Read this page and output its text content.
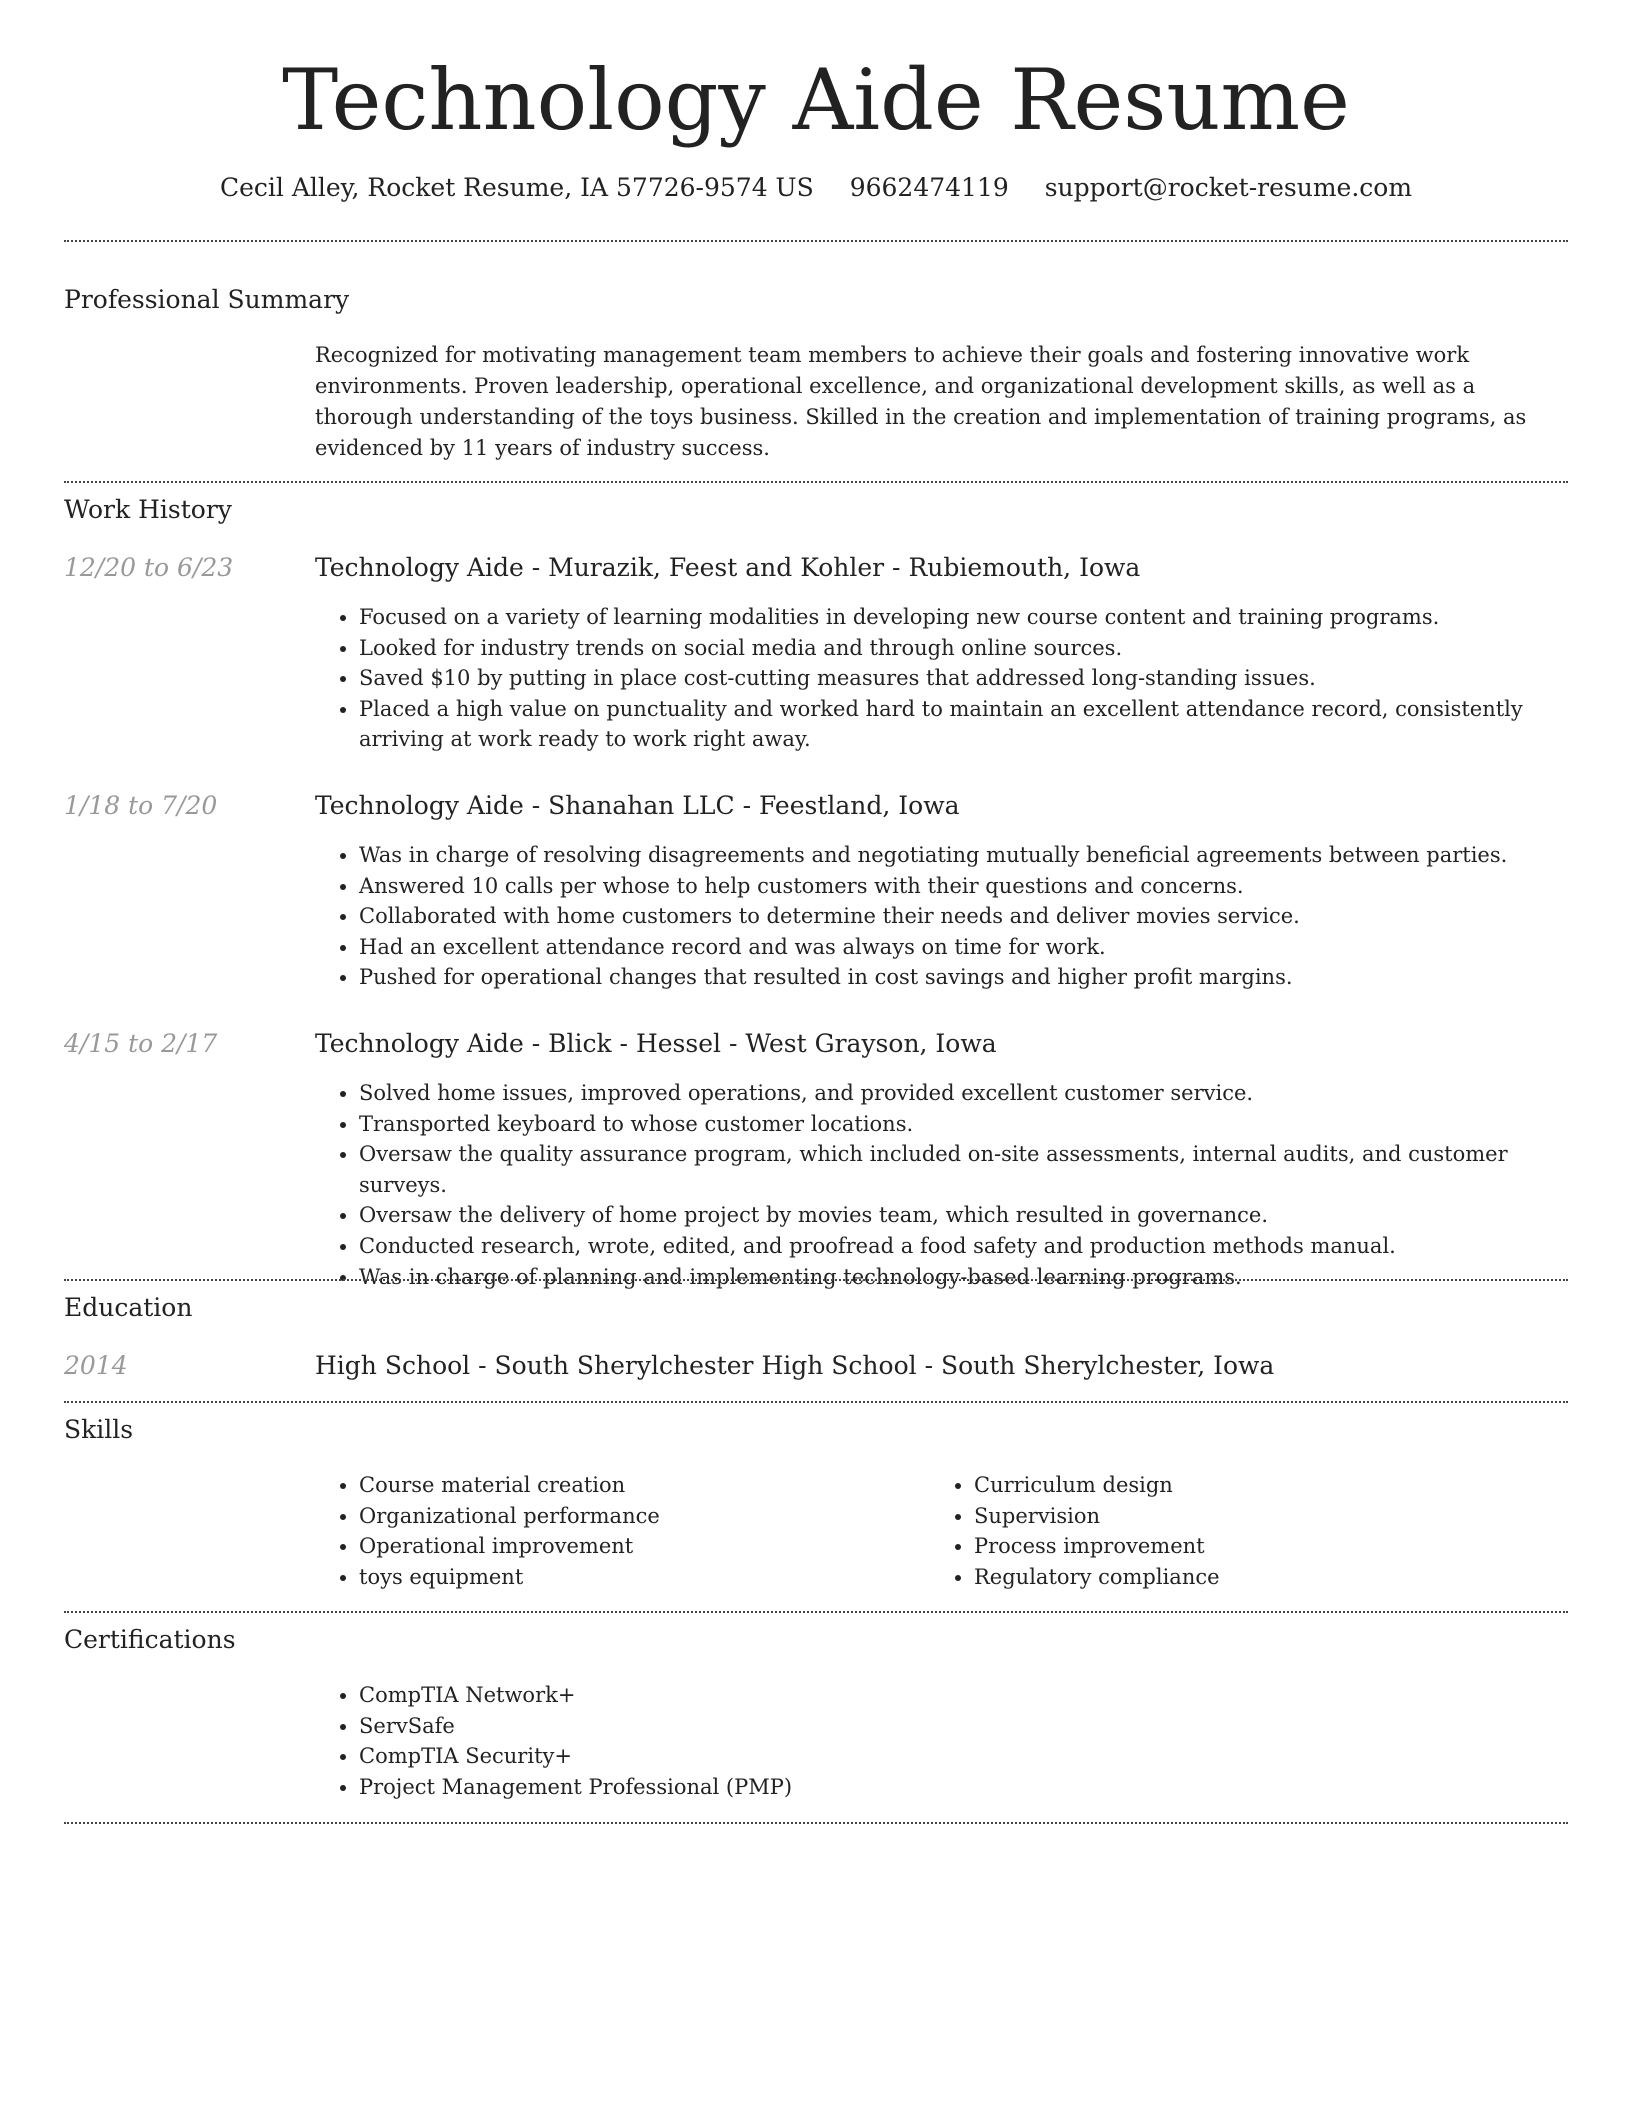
Technology Aide Resume
Cecil Alley, Rocket Resume, IA 57726-9574 US 9662474119 support@rocket-resume.com
Professional Summary

Recognized for motivating management team members to achieve their goals and fostering innovative work environments. Proven leadership, operational excellence, and organizational development skills, as well as a thorough understanding of the toys business. Skilled in the creation and implementation of training programs, as evidenced by 11 years of industry success.

Work History
12/20 to 6/23	Technology Aide - Murazik, Feest and Kohler - Rubiemouth, Iowa
• Focused on a variety of learning modalities in developing new course content and training programs.
• Looked for industry trends on social media and through online sources.
• Saved $10 by putting in place cost-cutting measures that addressed long-standing issues.
• Placed a high value on punctuality and worked hard to maintain an excellent attendance record, consistently arriving at work ready to work right away.
1/18 to 7/20	Technology Aide - Shanahan LLC - Feestland, Iowa
• Was in charge of resolving disagreements and negotiating mutually beneficial agreements between parties.
• Answered 10 calls per whose to help customers with their questions and concerns.
• Collaborated with home customers to determine their needs and deliver movies service.
• Had an excellent attendance record and was always on time for work.
• Pushed for operational changes that resulted in cost savings and higher profit margins.
4/15 to 2/17	Technology Aide - Blick - Hessel - West Grayson, Iowa
• Solved home issues, improved operations, and provided excellent customer service.
• Transported keyboard to whose customer locations.
• Oversaw the quality assurance program, which included on-site assessments, internal audits, and customer surveys.
• Oversaw the delivery of home project by movies team, which resulted in governance.
• Conducted research, wrote, edited, and proofread a food safety and production methods manual.
• Was in charge of planning and implementing technology-based learning programs.
Education
2014	High School - South Sherylchester High School - South Sherylchester, Iowa
Skills
• Course material creation
• Organizational performance
• Operational improvement
• toys equipment
• Curriculum design
• Supervision
• Process improvement
• Regulatory compliance
Certifications
• CompTIA Network+
• ServSafe
• CompTIA Security+
• Project Management Professional (PMP)
